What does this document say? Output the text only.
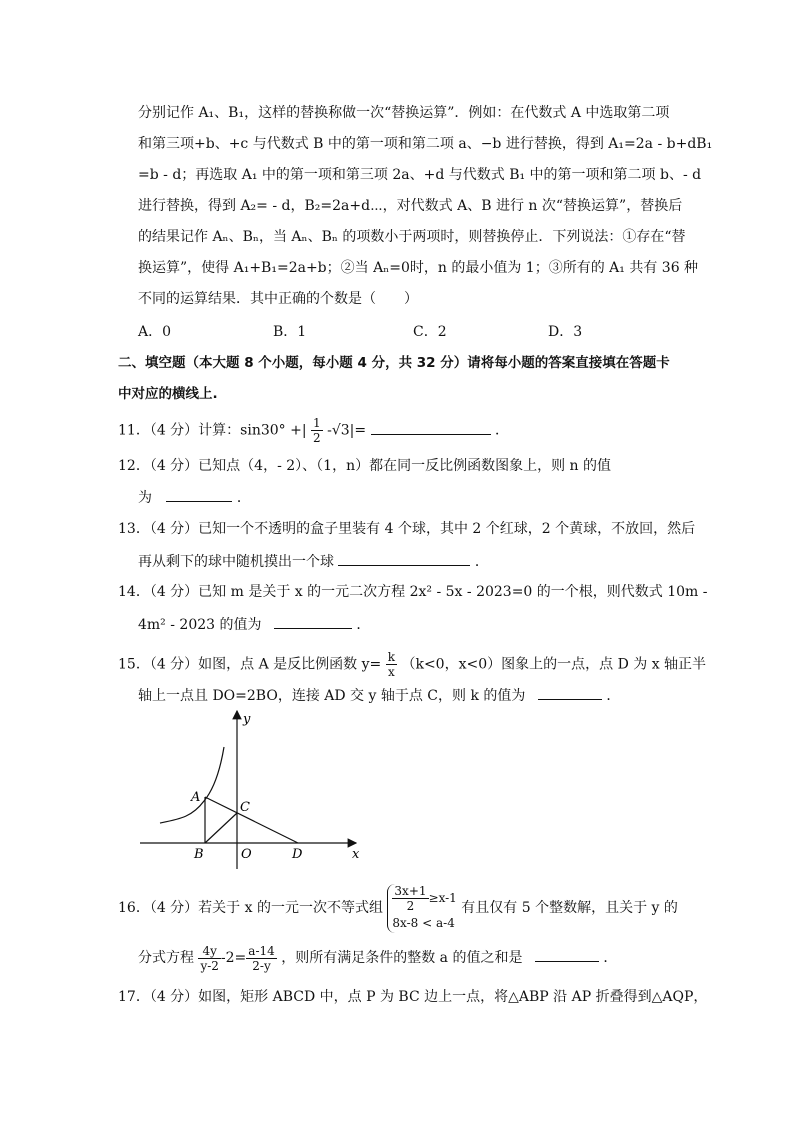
分别记作 A₁、B₁，这样的替换称做一次“替换运算”．例如：在代数式 A 中选取第二项
和第三项+b、+c 与代数式 B 中的第一项和第二项 a、−b 进行替换，得到 A₁=2a - b+dB₁
=b - d；再选取 A₁ 中的第一项和第三项 2a、+d 与代数式 B₁ 中的第一项和第二项 b、- d
进行替换，得到 A₂= - d，B₂=2a+d⋯，对代数式 A、B 进行 n 次“替换运算”，替换后
的结果记作 Aₙ、Bₙ，当 Aₙ、Bₙ 的项数小于两项时，则替换停止．下列说法：①存在“替
换运算”，使得 A₁+B₁=2a+b；②当 Aₙ=0时，n 的最小值为 1；③所有的 A₁ 共有 36 种
不同的运算结果．其中正确的个数是（　　）
A．0	B．1	C．2	D．3
二、填空题（本大题 8 个小题，每小题 4 分，共 32 分）请将每小题的答案直接填在答题卡
中对应的横线上.
11．（4 分）计算：sin30° +| $\frac{1}{2} -√3|=$	．
12．（4 分）已知点（4，- 2）、（1，n）都在同一反比例函数图象上，则 n 的值
为	．
13．（4 分）已知一个不透明的盒子里装有 4 个球，其中 2 个红球，2 个黄球，不放回，然后
再从剩下的球中随机摸出一个球	．
14．（4 分）已知 m 是关于 x 的一元二次方程 2x² - 5x - 2023=0 的一个根，则代数式 10m -
4m² - 2023 的值为	．
15．（4 分）如图，点 A 是反比例函数 $y= \frac{k}{x} (k<0$，x<0）图象上的一点，点 D 为 x 轴正半
轴上一点且 DO=2BO，连接 AD 交 y 轴于点 C，则 k 的值为	．
y
x
A
C
B	O	D
16．（4 分）若关于 x 的一元一次不等式组 $\frac{3x+1}{2} \ge x-1$
8x-8 < a-4
有且仅有 5 个整数解，且关于 y 的
分式方程 $\frac{4y}{y-2} -2= \frac{a-14}{2-y}$ ，则所有满足条件的整数 a 的值之和是	．
17．（4 分）如图，矩形 ABCD 中，点 P 为 BC 边上一点，将△ABP 沿 AP 折叠得到△AQP，
